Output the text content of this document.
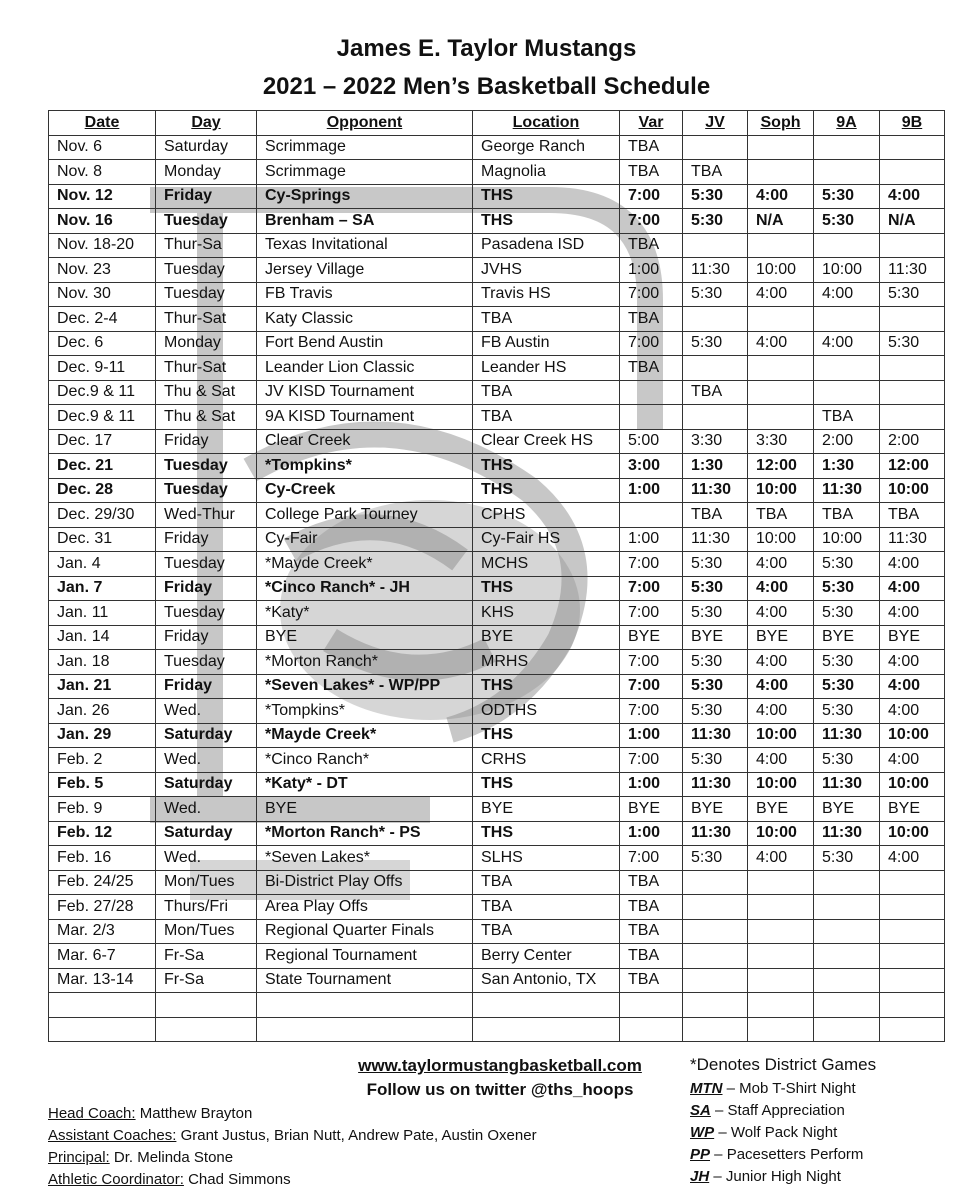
James E. Taylor Mustangs
2021 – 2022 Men’s Basketball Schedule
Date	Day	Opponent	Location	Var	JV	Soph	9A	9B
Nov. 6	Saturday	Scrimmage	George Ranch	TBA				
Nov. 8	Monday	Scrimmage	Magnolia	TBA	TBA			
Nov. 12	Friday	Cy-Springs	THS	7:00	5:30	4:00	5:30	4:00
Nov. 16	Tuesday	Brenham – SA	THS	7:00	5:30	N/A	5:30	N/A
Nov. 18-20	Thur-Sa	Texas Invitational	Pasadena ISD	TBA				
Nov. 23	Tuesday	Jersey Village	JVHS	1:00	11:30	10:00	10:00	11:30
Nov. 30	Tuesday	FB Travis	Travis HS	7:00	5:30	4:00	4:00	5:30
Dec. 2-4	Thur-Sat	Katy Classic	TBA	TBA				
Dec. 6	Monday	Fort Bend Austin	FB Austin	7:00	5:30	4:00	4:00	5:30
Dec. 9-11	Thur-Sat	Leander Lion Classic	Leander HS	TBA				
Dec.9 & 11	Thu & Sat	JV KISD Tournament	TBA		TBA			
Dec.9 & 11	Thu & Sat	9A KISD Tournament	TBA				TBA	
Dec. 17	Friday	Clear Creek	Clear Creek HS	5:00	3:30	3:30	2:00	2:00
Dec. 21	Tuesday	*Tompkins*	THS	3:00	1:30	12:00	1:30	12:00
Dec. 28	Tuesday	Cy-Creek	THS	1:00	11:30	10:00	11:30	10:00
Dec. 29/30	Wed-Thur	College Park Tourney	CPHS		TBA	TBA	TBA	TBA
Dec. 31	Friday	Cy-Fair	Cy-Fair HS	1:00	11:30	10:00	10:00	11:30
Jan. 4	Tuesday	*Mayde Creek*	MCHS	7:00	5:30	4:00	5:30	4:00
Jan. 7	Friday	*Cinco Ranch* - JH	THS	7:00	5:30	4:00	5:30	4:00
Jan. 11	Tuesday	*Katy*	KHS	7:00	5:30	4:00	5:30	4:00
Jan. 14	Friday	BYE	BYE	BYE	BYE	BYE	BYE	BYE
Jan. 18	Tuesday	*Morton Ranch*	MRHS	7:00	5:30	4:00	5:30	4:00
Jan. 21	Friday	*Seven Lakes* - WP/PP	THS	7:00	5:30	4:00	5:30	4:00
Jan. 26	Wed.	*Tompkins*	ODTHS	7:00	5:30	4:00	5:30	4:00
Jan. 29	Saturday	*Mayde Creek*	THS	1:00	11:30	10:00	11:30	10:00
Feb. 2	Wed.	*Cinco Ranch*	CRHS	7:00	5:30	4:00	5:30	4:00
Feb. 5	Saturday	*Katy* - DT	THS	1:00	11:30	10:00	11:30	10:00
Feb. 9	Wed.	BYE	BYE	BYE	BYE	BYE	BYE	BYE
Feb. 12	Saturday	*Morton Ranch* - PS	THS	1:00	11:30	10:00	11:30	10:00
Feb. 16	Wed.	*Seven Lakes*	SLHS	7:00	5:30	4:00	5:30	4:00
Feb. 24/25	Mon/Tues	Bi-District Play Offs	TBA	TBA				
Feb. 27/28	Thurs/Fri	Area Play Offs	TBA	TBA				
Mar. 2/3	Mon/Tues	Regional Quarter Finals	TBA	TBA				
Mar. 6-7	Fr-Sa	Regional Tournament	Berry Center	TBA				
Mar. 13-14	Fr-Sa	State Tournament	San Antonio, TX	TBA				

www.taylormustangbasketball.com
Follow us on twitter @ths_hoops
Head Coach: Matthew Brayton
Assistant Coaches: Grant Justus, Brian Nutt, Andrew Pate, Austin Oxener
Principal: Dr. Melinda Stone
Athletic Coordinator: Chad Simmons
*Denotes District Games
MTN – Mob T-Shirt Night
SA – Staff Appreciation
WP – Wolf Pack Night
PP – Pacesetters Perform
JH – Junior High Night
